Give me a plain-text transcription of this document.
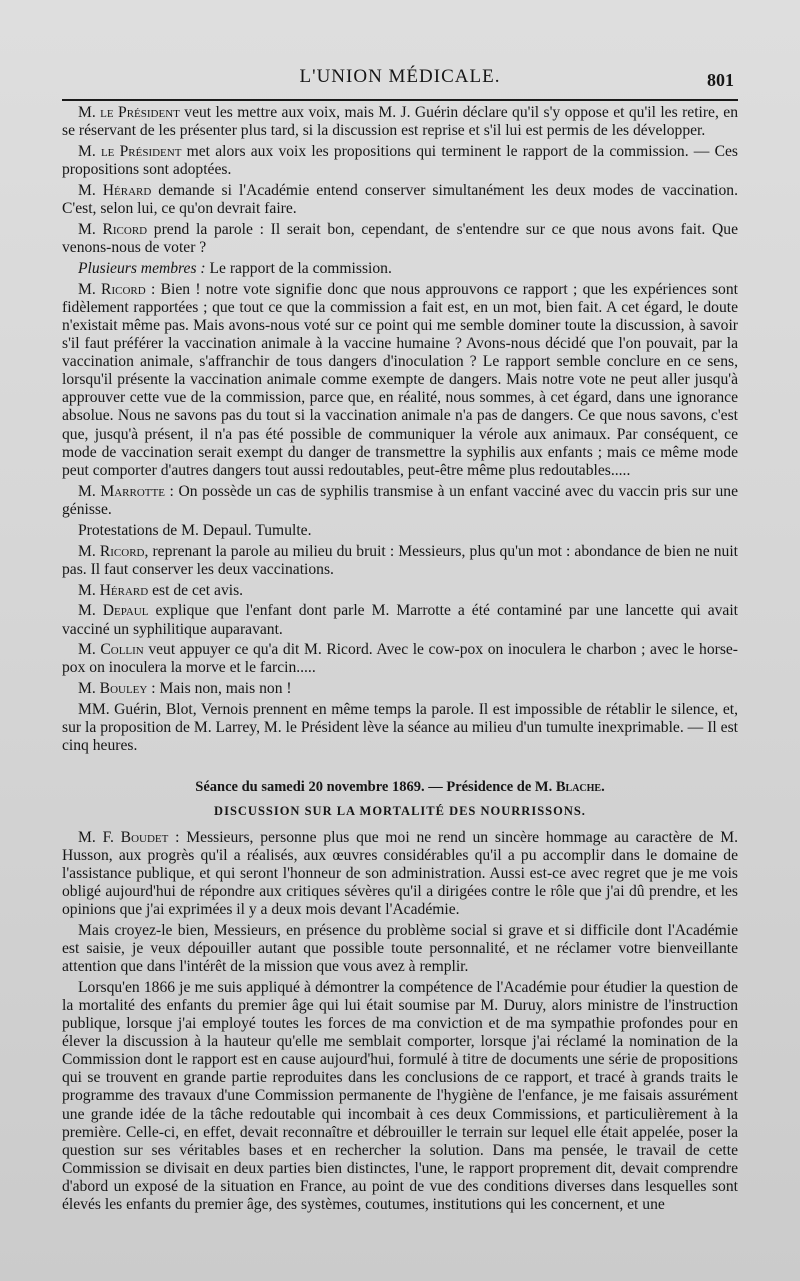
L'UNION MÉDICALE.	801

M. le Président veut les mettre aux voix, mais M. J. Guérin déclare qu'il s'y oppose et qu'il les retire, en se réservant de les présenter plus tard, si la discussion est reprise et s'il lui est permis de les développer.

M. le Président met alors aux voix les propositions qui terminent le rapport de la commission. — Ces propositions sont adoptées.

M. Hérard demande si l'Académie entend conserver simultanément les deux modes de vaccination. C'est, selon lui, ce qu'on devrait faire.

M. Ricord prend la parole : Il serait bon, cependant, de s'entendre sur ce que nous avons fait. Que venons-nous de voter ?

Plusieurs membres : Le rapport de la commission.

M. Ricord : Bien ! notre vote signifie donc que nous approuvons ce rapport ; que les expériences sont fidèlement rapportées ; que tout ce que la commission a fait est, en un mot, bien fait. A cet égard, le doute n'existait même pas. Mais avons-nous voté sur ce point qui me semble dominer toute la discussion, à savoir s'il faut préférer la vaccination animale à la vaccine humaine ? Avons-nous décidé que l'on pouvait, par la vaccination animale, s'affranchir de tous dangers d'inoculation ? Le rapport semble conclure en ce sens, lorsqu'il présente la vaccination animale comme exempte de dangers. Mais notre vote ne peut aller jusqu'à approuver cette vue de la commission, parce que, en réalité, nous sommes, à cet égard, dans une ignorance absolue. Nous ne savons pas du tout si la vaccination animale n'a pas de dangers. Ce que nous savons, c'est que, jusqu'à présent, il n'a pas été possible de communiquer la vérole aux animaux. Par conséquent, ce mode de vaccination serait exempt du danger de transmettre la syphilis aux enfants ; mais ce même mode peut comporter d'autres dangers tout aussi redoutables, peut-être même plus redoutables.....

M. Marrotte : On possède un cas de syphilis transmise à un enfant vacciné avec du vaccin pris sur une génisse.

Protestations de M. Depaul. Tumulte.

M. Ricord, reprenant la parole au milieu du bruit : Messieurs, plus qu'un mot : abondance de bien ne nuit pas. Il faut conserver les deux vaccinations.

M. Hérard est de cet avis.

M. Depaul explique que l'enfant dont parle M. Marrotte a été contaminé par une lancette qui avait vacciné un syphilitique auparavant.

M. Collin veut appuyer ce qu'a dit M. Ricord. Avec le cow-pox on inoculera le charbon ; avec le horse-pox on inoculera la morve et le farcin.....

M. Bouley : Mais non, mais non !

MM. Guérin, Blot, Vernois prennent en même temps la parole. Il est impossible de rétablir le silence, et, sur la proposition de M. Larrey, M. le Président lève la séance au milieu d'un tumulte inexprimable. — Il est cinq heures.

Séance du samedi 20 novembre 1869. — Présidence de M. Blache.
DISCUSSION SUR LA MORTALITÉ DES NOURRISSONS.

M. F. Boudet : Messieurs, personne plus que moi ne rend un sincère hommage au caractère de M. Husson, aux progrès qu'il a réalisés, aux œuvres considérables qu'il a pu accomplir dans le domaine de l'assistance publique, et qui seront l'honneur de son administration. Aussi est-ce avec regret que je me vois obligé aujourd'hui de répondre aux critiques sévères qu'il a dirigées contre le rôle que j'ai dû prendre, et les opinions que j'ai exprimées il y a deux mois devant l'Académie.

Mais croyez-le bien, Messieurs, en présence du problème social si grave et si difficile dont l'Académie est saisie, je veux dépouiller autant que possible toute personnalité, et ne réclamer votre bienveillante attention que dans l'intérêt de la mission que vous avez à remplir.

Lorsqu'en 1866 je me suis appliqué à démontrer la compétence de l'Académie pour étudier la question de la mortalité des enfants du premier âge qui lui était soumise par M. Duruy, alors ministre de l'instruction publique, lorsque j'ai employé toutes les forces de ma conviction et de ma sympathie profondes pour en élever la discussion à la hauteur qu'elle me semblait comporter, lorsque j'ai réclamé la nomination de la Commission dont le rapport est en cause aujourd'hui, formulé à titre de documents une série de propositions qui se trouvent en grande partie reproduites dans les conclusions de ce rapport, et tracé à grands traits le programme des travaux d'une Commission permanente de l'hygiène de l'enfance, je me faisais assurément une grande idée de la tâche redoutable qui incombait à ces deux Commissions, et particulièrement à la première. Celle-ci, en effet, devait reconnaître et débrouiller le terrain sur lequel elle était appelée, poser la question sur ses véritables bases et en rechercher la solution. Dans ma pensée, le travail de cette Commission se divisait en deux parties bien distinctes, l'une, le rapport proprement dit, devait comprendre d'abord un exposé de la situation en France, au point de vue des conditions diverses dans lesquelles sont élevés les enfants du premier âge, des systèmes, coutumes, institutions qui les concernent, et une
